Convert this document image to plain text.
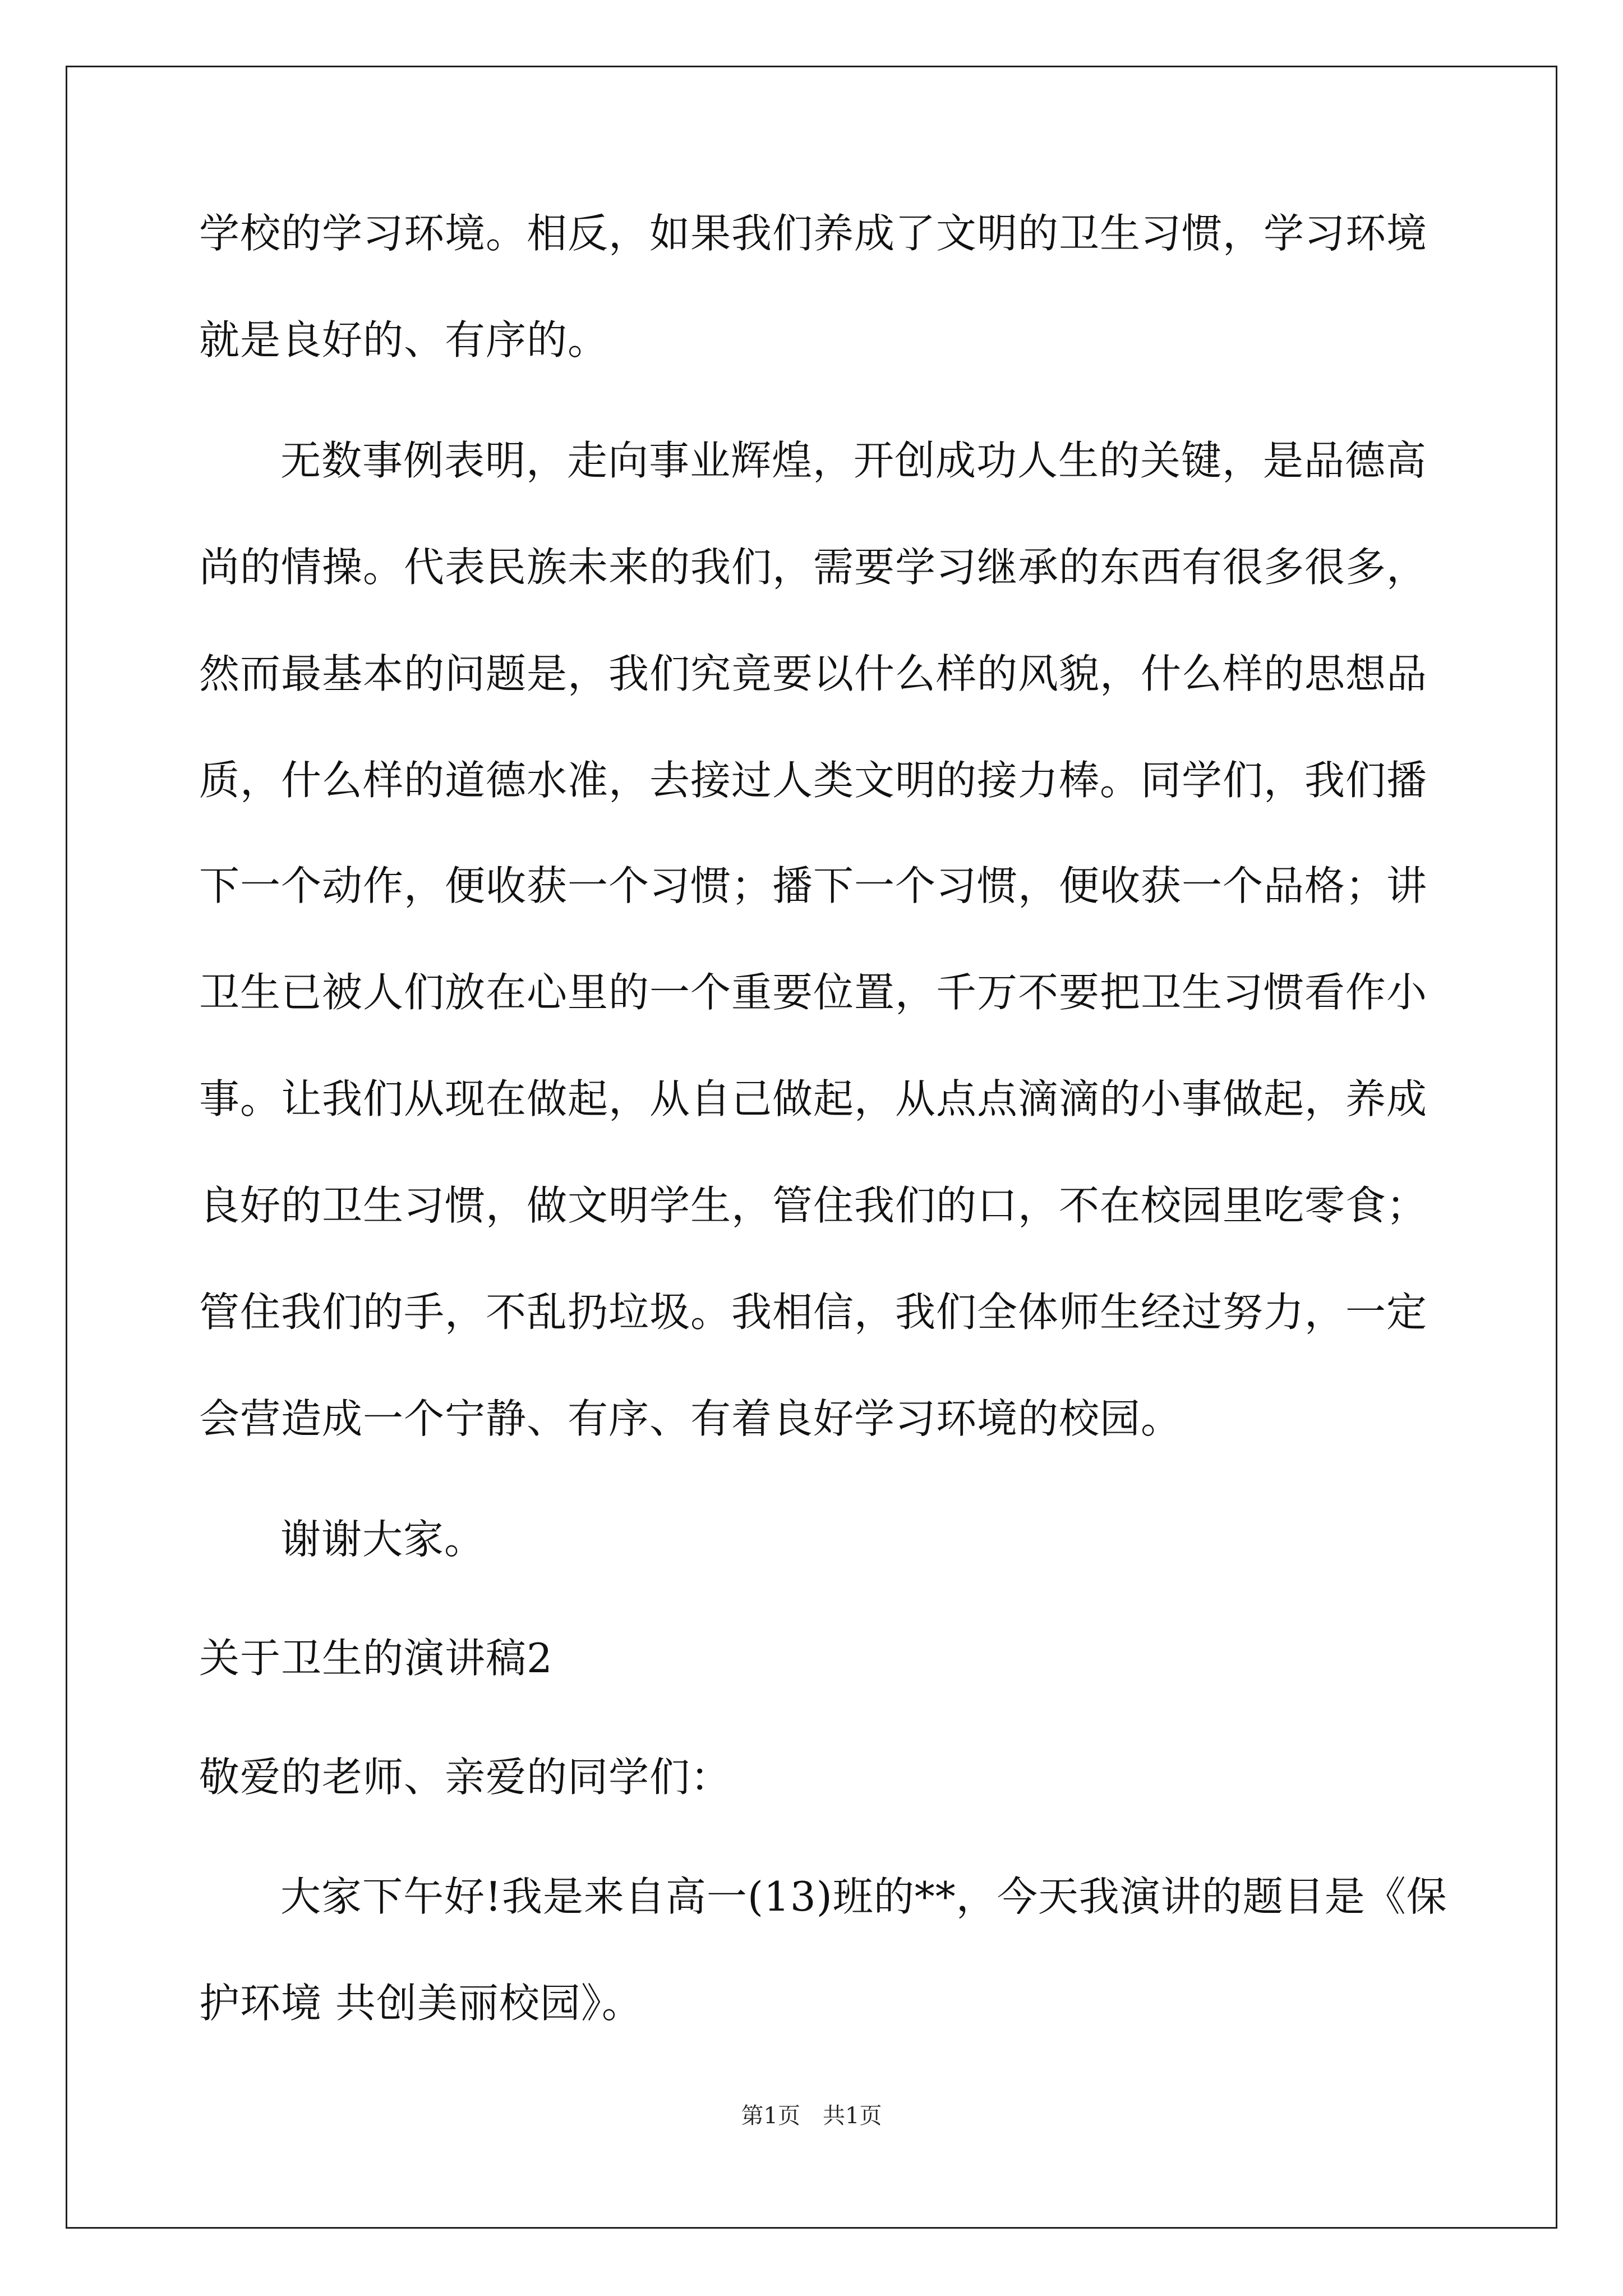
学校的学习环境。相反，如果我们养成了文明的卫生习惯，学习环境
就是良好的、有序的。
无数事例表明，走向事业辉煌，开创成功人生的关键，是品德高
尚的情操。代表民族未来的我们，需要学习继承的东西有很多很多，
然而最基本的问题是，我们究竟要以什么样的风貌，什么样的思想品
质，什么样的道德水准，去接过人类文明的接力棒。同学们，我们播
下一个动作，便收获一个习惯；播下一个习惯，便收获一个品格；讲
卫生已被人们放在心里的一个重要位置，千万不要把卫生习惯看作小
事。让我们从现在做起，从自己做起，从点点滴滴的小事做起，养成
良好的卫生习惯，做文明学生，管住我们的口，不在校园里吃零食；
管住我们的手，不乱扔垃圾。我相信，我们全体师生经过努力，一定
会营造成一个宁静、有序、有着良好学习环境的校园。
谢谢大家。
关于卫生的演讲稿2
敬爱的老师、亲爱的同学们：
大家下午好!我是来自高一(13)班的**，今天我演讲的题目是《保
护环境 共创美丽校园》。
第1页　共1页
